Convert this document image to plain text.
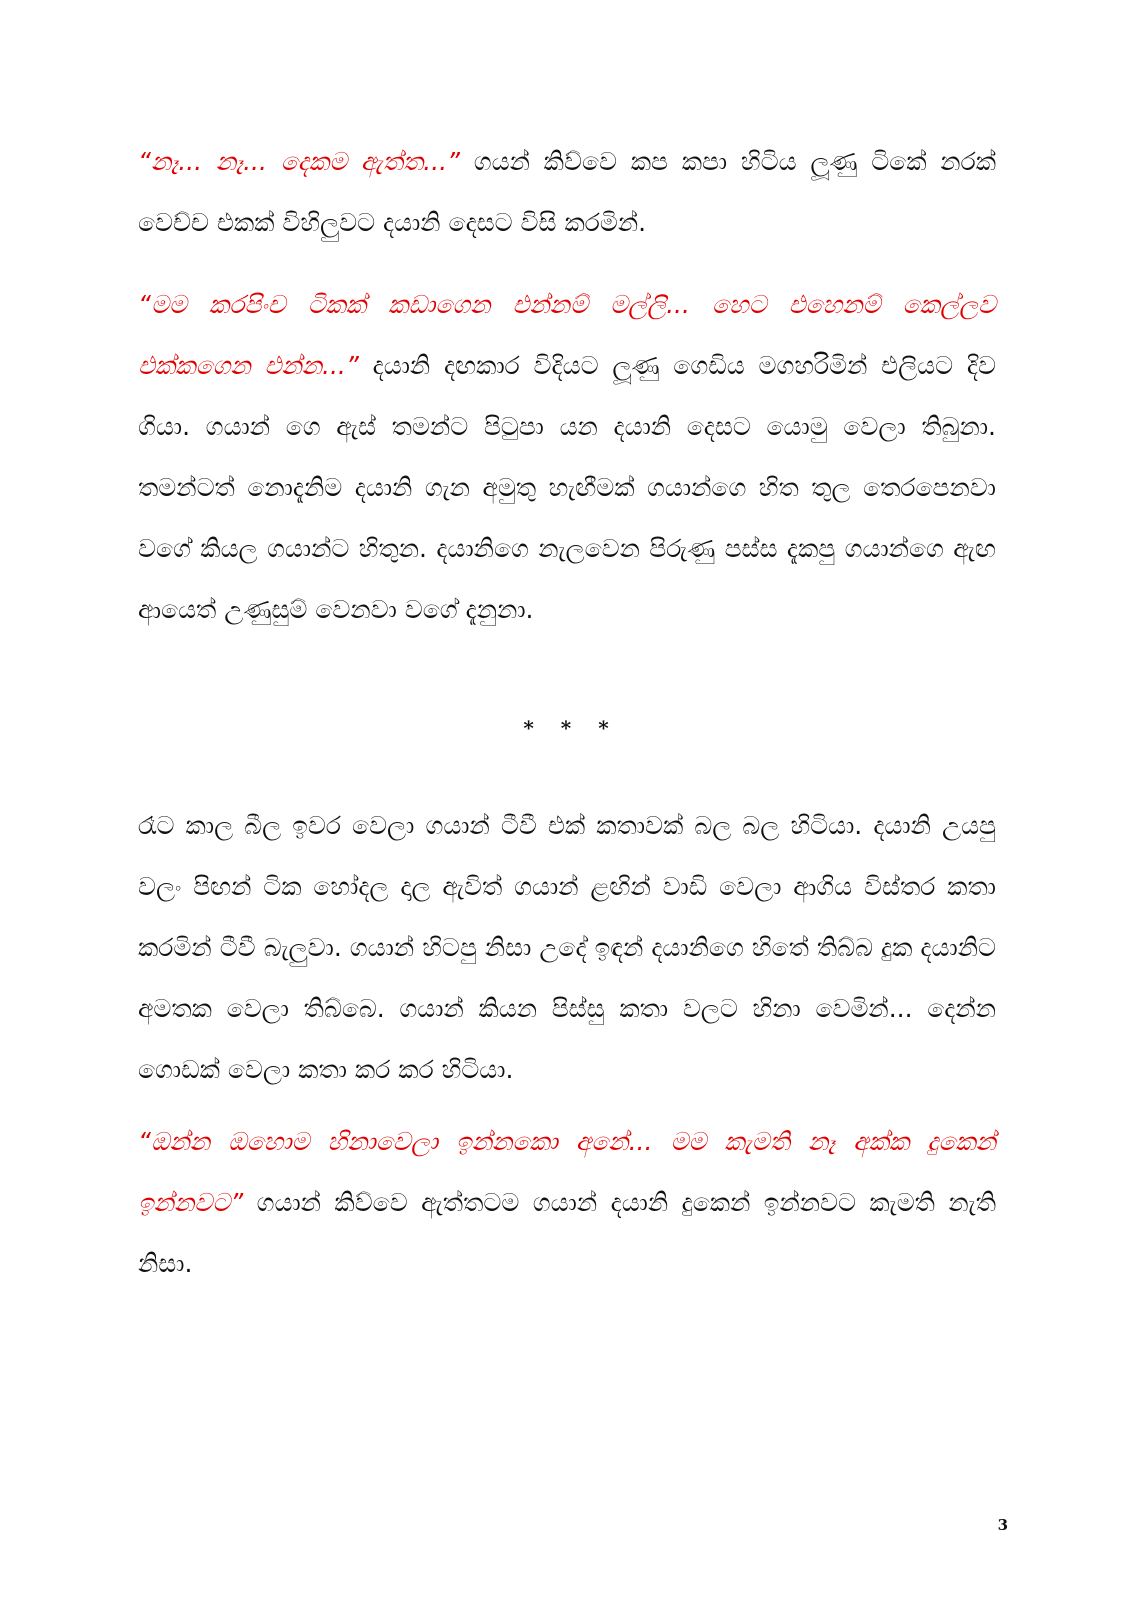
“නෑ... නෑ... දෙකම ඇත්ත...” ගයන් කිව්වෙ කප කපා හිටිය ලූණු ටිකේ නරක් වෙච්ච එකක් විහිලුවට දයානි දෙසට විසි කරමින්.

“මම කරපිංච ටිකක් කඩාගෙන එන්නම් මල්ලි... හෙට එහෙනම් කෙල්ලව එක්කගෙන එන්න...” දයානි දඟකාර විදියට ලූණු ගෙඩිය මගහරිමින් එලියට දිව ගියා. ගයාන් ගෙ ඇස් තමන්ට පිටුපා යන දයානි දෙසට යොමු වෙලා තිබුනා. තමන්ටත් නොදැනිම දයානි ගැන අමුතු හැඟීමක් ගයාන්ගෙ හිත තුල තෙරපෙනවා වගේ කියල ගයාන්ට හිතුන. දයානිගෙ නැලවෙන පිරුණු පස්ස දැකපු ගයාන්ගෙ ඇඟ ආයෙත් උණුසුම් වෙනවා වගේ දැනුනා.

* * *

රෑට කාල බීල ඉවර වෙලා ගයාන් ටීවී එක් කතාවක් බල බල හිටියා. දයානි උයපු වලං පිඟන් ටික හෝදල දාල ඇවිත් ගයාන් ළඟින් වාඩි වෙලා ආගිය විස්තර කතා කරමින් ටීවී බැලුවා. ගයාන් හිටපු නිසා උදේ ඉඳන් දයානිගෙ හිතේ තිබ්බ දුක දයානිට අමතක වෙලා තිබ්බෙ. ගයාන් කියන පිස්සු කතා වලට හිනා වෙමින්... දෙන්න ගොඩක් වෙලා කතා කර කර හිටියා.

“ඔන්න ඔහොම හිනාවෙලා ඉන්නකො අනේ... මම කැමති නෑ අක්ක දුකෙන් ඉන්නවට” ගයාන් කිව්වෙ ඇත්තටම ගයාන් දයානි දුකෙන් ඉන්නවට කැමති නැති නිසා.

3
